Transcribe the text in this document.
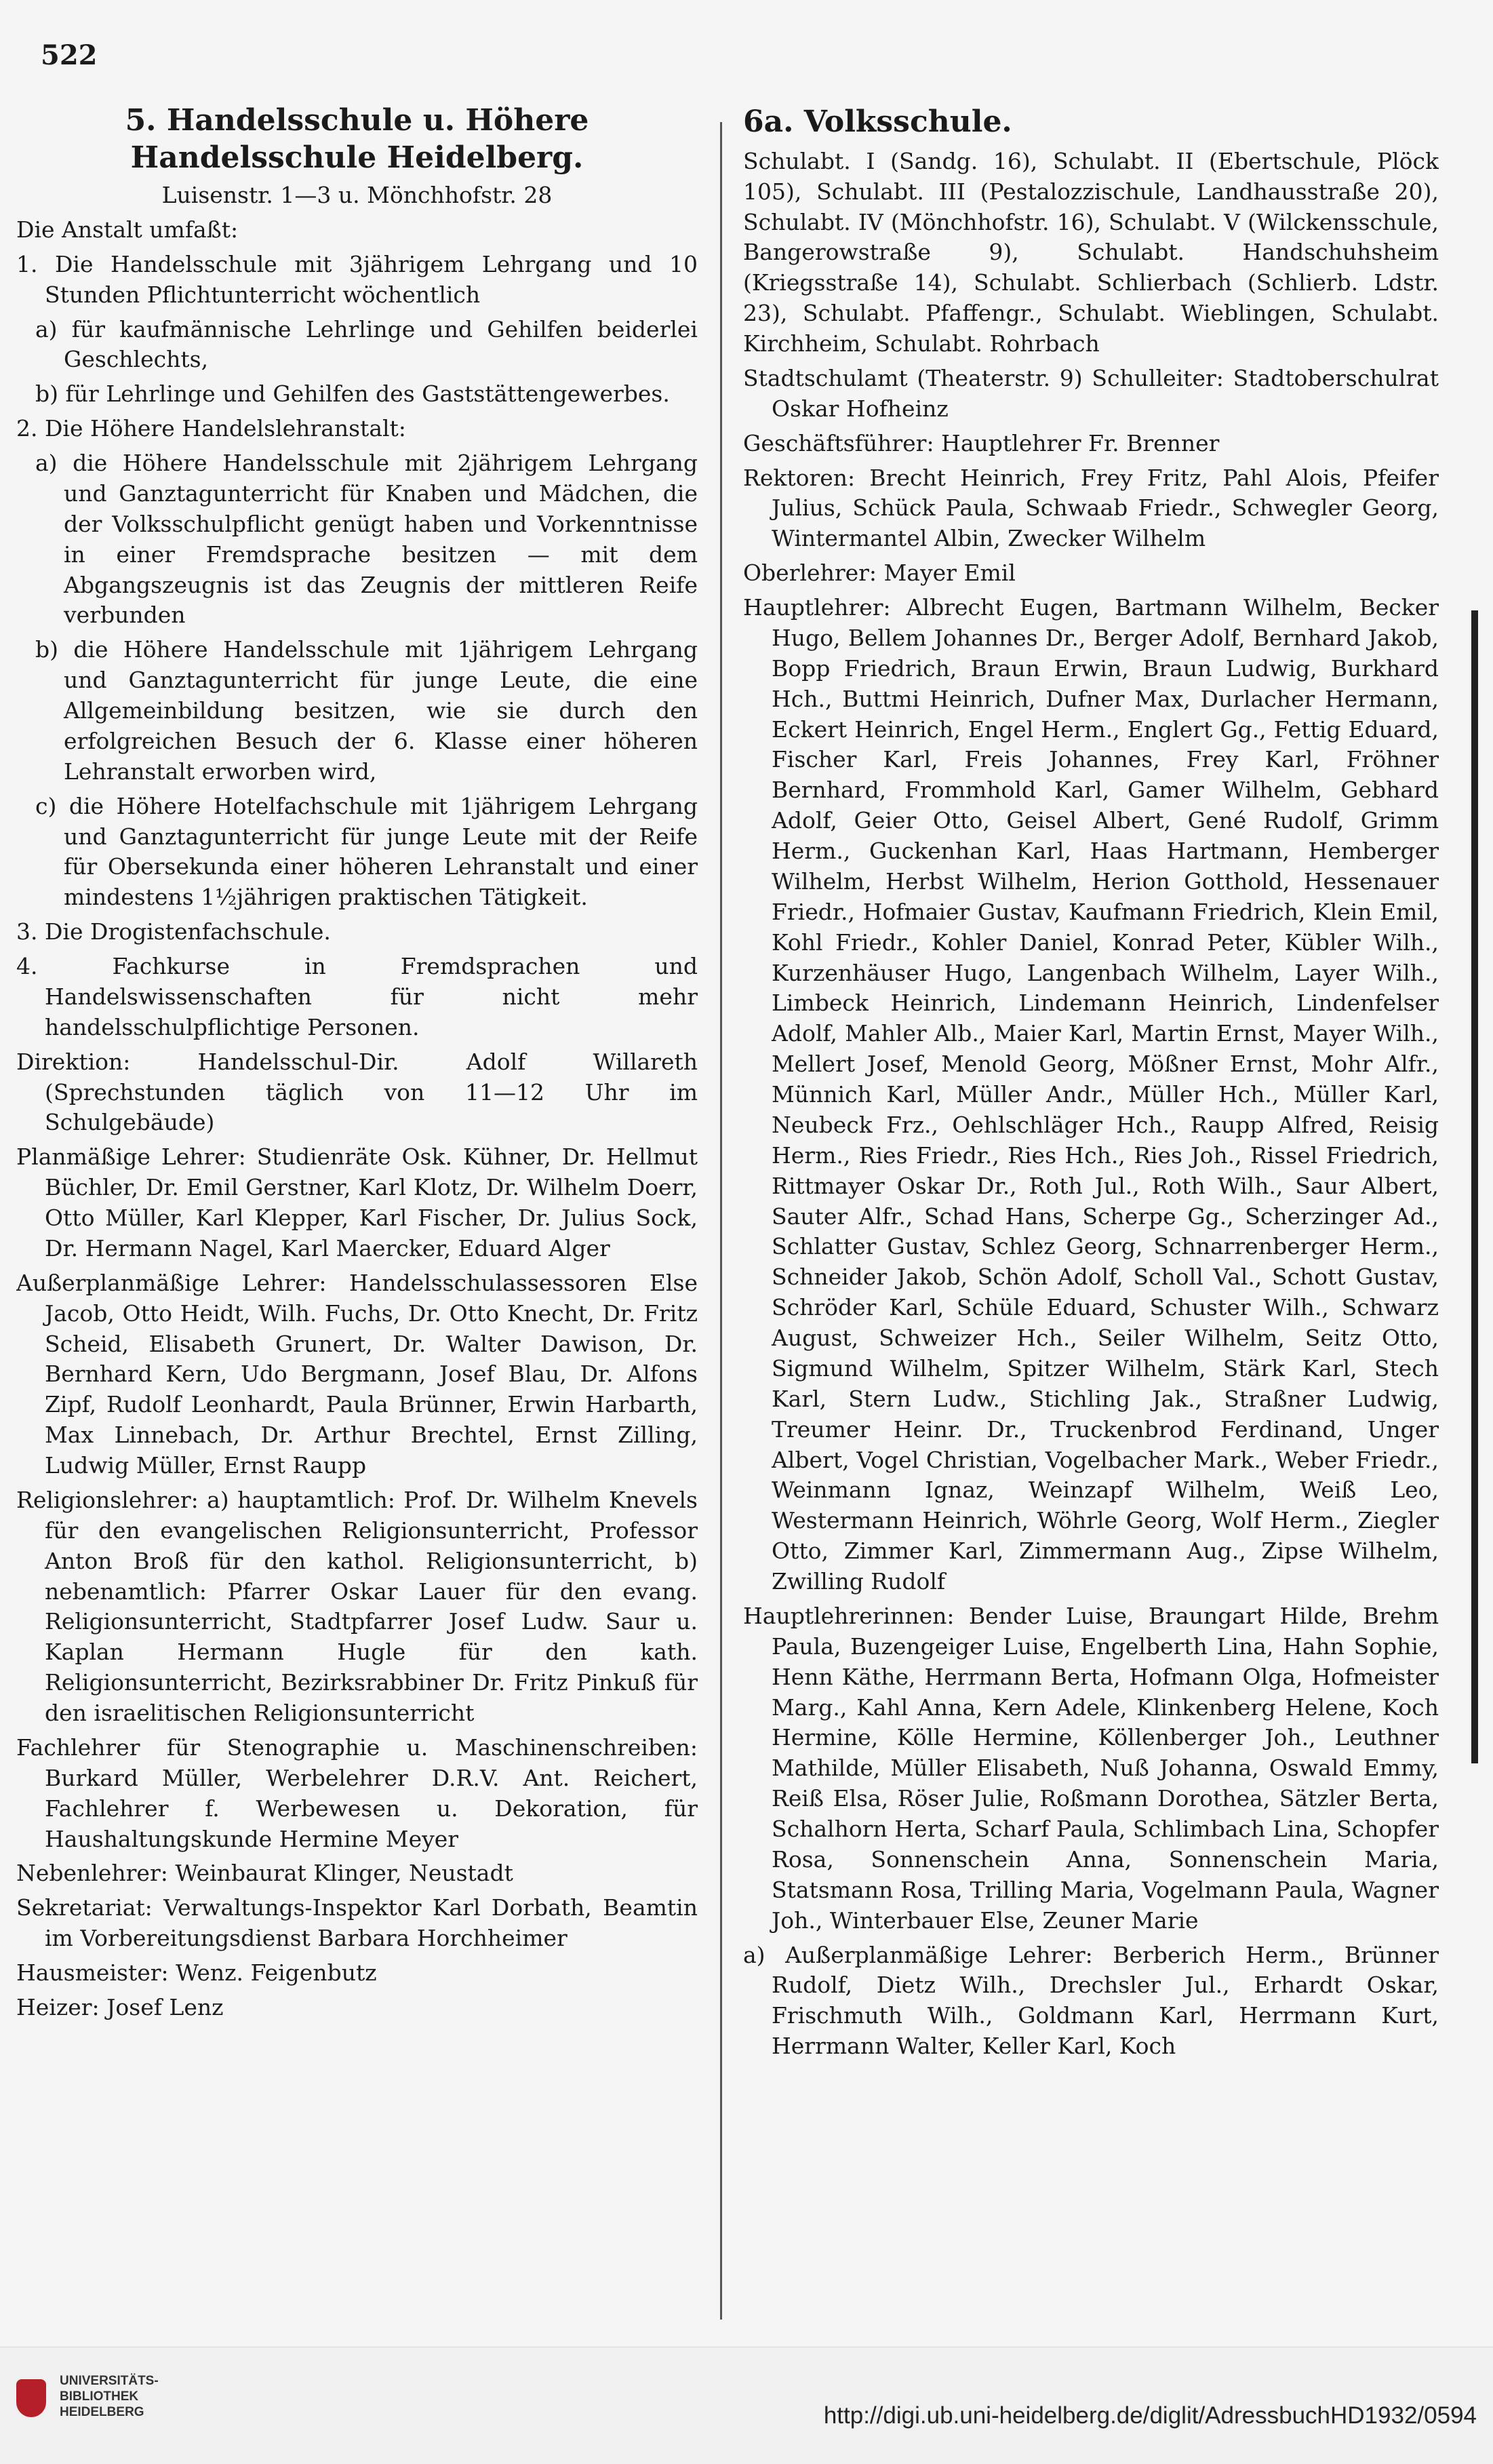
522

5. Handelsschule u. Höhere Handelsschule Heidelberg.

Luisenstr. 1—3 u. Mönchhofstr. 28

Die Anstalt umfaßt:

1. Die Handelsschule mit 3jährigem Lehrgang und 10 Stunden Pflichtunterricht wöchentlich

a) für kaufmännische Lehrlinge und Gehilfen beiderlei Geschlechts,

b) für Lehrlinge und Gehilfen des Gaststättengewerbes.

2. Die Höhere Handelslehranstalt:

a) die Höhere Handelsschule mit 2jährigem Lehrgang und Ganztagunterricht für Knaben und Mädchen, die der Volksschulpflicht genügt haben und Vorkenntnisse in einer Fremdsprache besitzen — mit dem Abgangszeugnis ist das Zeugnis der mittleren Reife verbunden

b) die Höhere Handelsschule mit 1jährigem Lehrgang und Ganztagunterricht für junge Leute, die eine Allgemeinbildung besitzen, wie sie durch den erfolgreichen Besuch der 6. Klasse einer höheren Lehranstalt erworben wird,

c) die Höhere Hotelfachschule mit 1jährigem Lehrgang und Ganztagunterricht für junge Leute mit der Reife für Obersekunda einer höheren Lehranstalt und einer mindestens 1½jährigen praktischen Tätigkeit.

3. Die Drogistenfachschule.

4. Fachkurse in Fremdsprachen und Handelswissenschaften für nicht mehr handelsschulpflichtige Personen.

Direktion: Handelsschul-Dir. Adolf Willareth (Sprechstunden täglich von 11—12 Uhr im Schulgebäude)

Planmäßige Lehrer: Studienräte Osk. Kühner, Dr. Hellmut Büchler, Dr. Emil Gerstner, Karl Klotz, Dr. Wilhelm Doerr, Otto Müller, Karl Klepper, Karl Fischer, Dr. Julius Sock, Dr. Hermann Nagel, Karl Maercker, Eduard Alger

Außerplanmäßige Lehrer: Handelsschulassessoren Else Jacob, Otto Heidt, Wilh. Fuchs, Dr. Otto Knecht, Dr. Fritz Scheid, Elisabeth Grunert, Dr. Walter Dawison, Dr. Bernhard Kern, Udo Bergmann, Josef Blau, Dr. Alfons Zipf, Rudolf Leonhardt, Paula Brünner, Erwin Harbarth, Max Linnebach, Dr. Arthur Brechtel, Ernst Zilling, Ludwig Müller, Ernst Raupp

Religionslehrer: a) hauptamtlich: Prof. Dr. Wilhelm Knevels für den evangelischen Religionsunterricht, Professor Anton Broß für den kathol. Religionsunterricht, b) nebenamtlich: Pfarrer Oskar Lauer für den evang. Religionsunterricht, Stadtpfarrer Josef Ludw. Saur u. Kaplan Hermann Hugle für den kath. Religionsunterricht, Bezirksrabbiner Dr. Fritz Pinkuß für den israelitischen Religionsunterricht

Fachlehrer für Stenographie u. Maschinenschreiben: Burkard Müller, Werbelehrer D.R.V. Ant. Reichert, Fachlehrer f. Werbewesen u. Dekoration, für Haushaltungskunde Hermine Meyer

Nebenlehrer: Weinbaurat Klinger, Neustadt

Sekretariat: Verwaltungs-Inspektor Karl Dorbath, Beamtin im Vorbereitungsdienst Barbara Horchheimer

Hausmeister: Wenz. Feigenbutz

Heizer: Josef Lenz

6a. Volksschule.

Schulabt. I (Sandg. 16), Schulabt. II (Ebertschule, Plöck 105), Schulabt. III (Pestalozzischule, Landhausstraße 20), Schulabt. IV (Mönchhofstr. 16), Schulabt. V (Wilckensschule, Bangerowstraße 9), Schulabt. Handschuhsheim (Kriegsstraße 14), Schulabt. Schlierbach (Schlierb. Ldstr. 23), Schulabt. Pfaffengr., Schulabt. Wieblingen, Schulabt. Kirchheim, Schulabt. Rohrbach

Stadtschulamt (Theaterstr. 9) Schulleiter: Stadtoberschulrat Oskar Hofheinz

Geschäftsführer: Hauptlehrer Fr. Brenner

Rektoren: Brecht Heinrich, Frey Fritz, Pahl Alois, Pfeifer Julius, Schück Paula, Schwaab Friedr., Schwegler Georg, Wintermantel Albin, Zwecker Wilhelm

Oberlehrer: Mayer Emil

Hauptlehrer: Albrecht Eugen, Bartmann Wilhelm, Becker Hugo, Bellem Johannes Dr., Berger Adolf, Bernhard Jakob, Bopp Friedrich, Braun Erwin, Braun Ludwig, Burkhard Hch., Buttmi Heinrich, Dufner Max, Durlacher Hermann, Eckert Heinrich, Engel Herm., Englert Gg., Fettig Eduard, Fischer Karl, Freis Johannes, Frey Karl, Fröhner Bernhard, Frommhold Karl, Gamer Wilhelm, Gebhard Adolf, Geier Otto, Geisel Albert, Gené Rudolf, Grimm Herm., Guckenhan Karl, Haas Hartmann, Hemberger Wilhelm, Herbst Wilhelm, Herion Gotthold, Hessenauer Friedr., Hofmaier Gustav, Kaufmann Friedrich, Klein Emil, Kohl Friedr., Kohler Daniel, Konrad Peter, Kübler Wilh., Kurzenhäuser Hugo, Langenbach Wilhelm, Layer Wilh., Limbeck Heinrich, Lindemann Heinrich, Lindenfelser Adolf, Mahler Alb., Maier Karl, Martin Ernst, Mayer Wilh., Mellert Josef, Menold Georg, Mößner Ernst, Mohr Alfr., Münnich Karl, Müller Andr., Müller Hch., Müller Karl, Neubeck Frz., Oehlschläger Hch., Raupp Alfred, Reisig Herm., Ries Friedr., Ries Hch., Ries Joh., Rissel Friedrich, Rittmayer Oskar Dr., Roth Jul., Roth Wilh., Saur Albert, Sauter Alfr., Schad Hans, Scherpe Gg., Scherzinger Ad., Schlatter Gustav, Schlez Georg, Schnarrenberger Herm., Schneider Jakob, Schön Adolf, Scholl Val., Schott Gustav, Schröder Karl, Schüle Eduard, Schuster Wilh., Schwarz August, Schweizer Hch., Seiler Wilhelm, Seitz Otto, Sigmund Wilhelm, Spitzer Wilhelm, Stärk Karl, Stech Karl, Stern Ludw., Stichling Jak., Straßner Ludwig, Treumer Heinr. Dr., Truckenbrod Ferdinand, Unger Albert, Vogel Christian, Vogelbacher Mark., Weber Friedr., Weinmann Ignaz, Weinzapf Wilhelm, Weiß Leo, Westermann Heinrich, Wöhrle Georg, Wolf Herm., Ziegler Otto, Zimmer Karl, Zimmermann Aug., Zipse Wilhelm, Zwilling Rudolf

Hauptlehrerinnen: Bender Luise, Braungart Hilde, Brehm Paula, Buzengeiger Luise, Engelberth Lina, Hahn Sophie, Henn Käthe, Herrmann Berta, Hofmann Olga, Hofmeister Marg., Kahl Anna, Kern Adele, Klinkenberg Helene, Koch Hermine, Kölle Hermine, Köllenberger Joh., Leuthner Mathilde, Müller Elisabeth, Nuß Johanna, Oswald Emmy, Reiß Elsa, Röser Julie, Roßmann Dorothea, Sätzler Berta, Schalhorn Herta, Scharf Paula, Schlimbach Lina, Schopfer Rosa, Sonnenschein Anna, Sonnenschein Maria, Statsmann Rosa, Trilling Maria, Vogelmann Paula, Wagner Joh., Winterbauer Else, Zeuner Marie

a) Außerplanmäßige Lehrer: Berberich Herm., Brünner Rudolf, Dietz Wilh., Drechsler Jul., Erhardt Oskar, Frischmuth Wilh., Goldmann Karl, Herrmann Kurt, Herrmann Walter, Keller Karl, Koch

UNIVERSITÄTS-
BIBLIOTHEK
HEIDELBERG	http://digi.ub.uni-heidelberg.de/diglit/AdressbuchHD1932/0594
